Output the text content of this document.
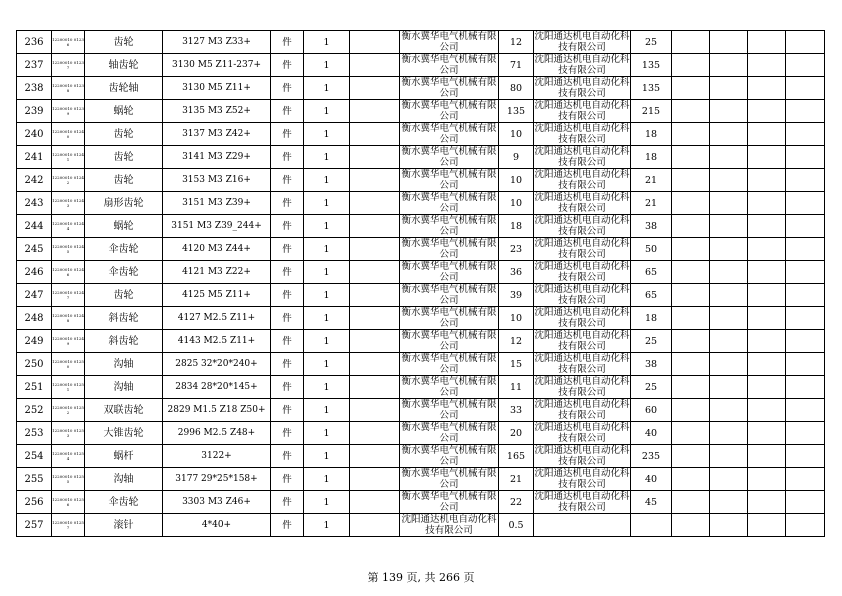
236	12200010 01236	齿轮	3127 M3 Z33+	件	1		衡水冀华电气机械有限公司	12	沈阳通达机电自动化科技有限公司	25				
237	12200010 01237	轴齿轮	3130 M5 Z11-237+	件	1		衡水冀华电气机械有限公司	71	沈阳通达机电自动化科技有限公司	135				
238	12200010 01238	齿轮轴	3130 M5 Z11+	件	1		衡水冀华电气机械有限公司	80	沈阳通达机电自动化科技有限公司	135				
239	12200010 01239	蜗轮	3135 M3 Z52+	件	1		衡水冀华电气机械有限公司	135	沈阳通达机电自动化科技有限公司	215				
240	12200010 01240	齿轮	3137 M3 Z42+	件	1		衡水冀华电气机械有限公司	10	沈阳通达机电自动化科技有限公司	18				
241	12200010 01241	齿轮	3141 M3 Z29+	件	1		衡水冀华电气机械有限公司	9	沈阳通达机电自动化科技有限公司	18				
242	12200010 01242	齿轮	3153 M3 Z16+	件	1		衡水冀华电气机械有限公司	10	沈阳通达机电自动化科技有限公司	21				
243	12200010 01243	扇形齿轮	3151 M3 Z39+	件	1		衡水冀华电气机械有限公司	10	沈阳通达机电自动化科技有限公司	21				
244	12200010 01244	蜗轮	3151 M3 Z39_244+	件	1		衡水冀华电气机械有限公司	18	沈阳通达机电自动化科技有限公司	38				
245	12200010 01245	伞齿轮	4120 M3 Z44+	件	1		衡水冀华电气机械有限公司	23	沈阳通达机电自动化科技有限公司	50				
246	12200010 01246	伞齿轮	4121 M3 Z22+	件	1		衡水冀华电气机械有限公司	36	沈阳通达机电自动化科技有限公司	65				
247	12200010 01247	齿轮	4125 M5 Z11+	件	1		衡水冀华电气机械有限公司	39	沈阳通达机电自动化科技有限公司	65				
248	12200010 01248	斜齿轮	4127 M2.5 Z11+	件	1		衡水冀华电气机械有限公司	10	沈阳通达机电自动化科技有限公司	18				
249	12200010 01249	斜齿轮	4143 M2.5 Z11+	件	1		衡水冀华电气机械有限公司	12	沈阳通达机电自动化科技有限公司	25				
250	12200010 01250	沟轴	2825 32*20*240+	件	1		衡水冀华电气机械有限公司	15	沈阳通达机电自动化科技有限公司	38				
251	12200010 01251	沟轴	2834 28*20*145+	件	1		衡水冀华电气机械有限公司	11	沈阳通达机电自动化科技有限公司	25				
252	12200010 01252	双联齿轮	2829 M1.5 Z18 Z50+	件	1		衡水冀华电气机械有限公司	33	沈阳通达机电自动化科技有限公司	60				
253	12200010 01253	大锥齿轮	2996 M2.5 Z48+	件	1		衡水冀华电气机械有限公司	20	沈阳通达机电自动化科技有限公司	40				
254	12200010 01254	蜗杆	3122+	件	1		衡水冀华电气机械有限公司	165	沈阳通达机电自动化科技有限公司	235				
255	12200010 01255	沟轴	3177 29*25*158+	件	1		衡水冀华电气机械有限公司	21	沈阳通达机电自动化科技有限公司	40				
256	12200010 01256	伞齿轮	3303 M3 Z46+	件	1		衡水冀华电气机械有限公司	22	沈阳通达机电自动化科技有限公司	45				
257	12200010 01257	滚针	4*40+	件	1		沈阳通达机电自动化科技有限公司	0.5						
第 139 页, 共 266 页
